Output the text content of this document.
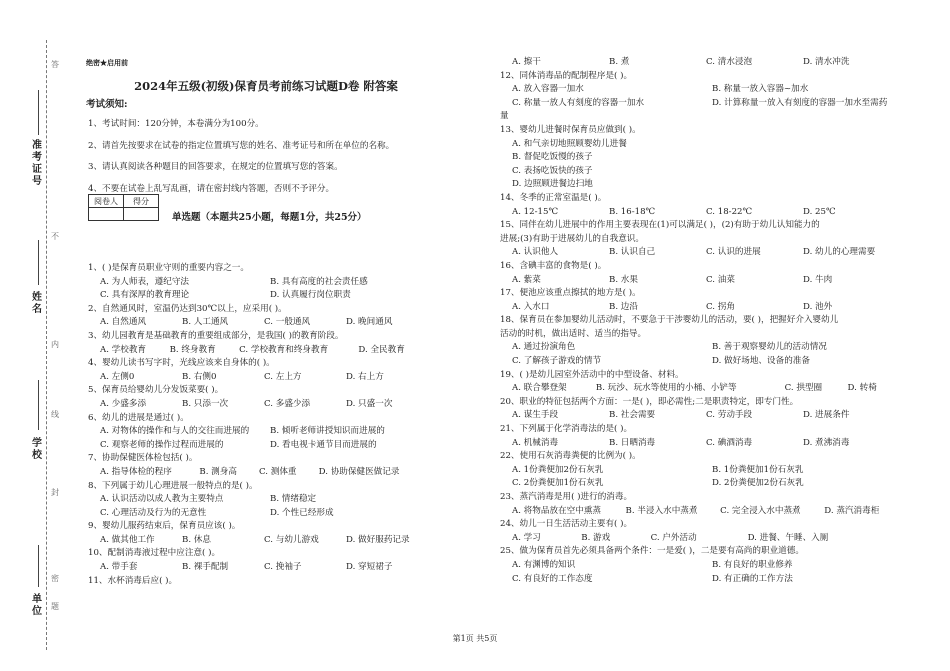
准考证号
姓名
学校
单位
答
不
内
线
封
密
题
绝密★启用前
2024年五级(初级)保育员考前练习试题D卷 附答案
考试须知:
1、考试时间：120分钟，本卷满分为100分。
2、请首先按要求在试卷的指定位置填写您的姓名、准考证号和所在单位的名称。
3、请认真阅读各种题目的回答要求，在规定的位置填写您的答案。
4、不要在试卷上乱写乱画，请在密封线内答题，否则不予评分。
阅卷人	得分

单选题（本题共25小题，每题1分，共25分）
1、( )是保育员职业守则的重要内容之一。
A. 为人师表，遵纪守法	B. 具有高度的社会责任感
C. 具有深厚的教育理论	D. 认真履行岗位职责
2、自然通风时，室温仍达到30℃以上，应采用( )。
A. 自然通风	B. 人工通风	C. 一般通风	D. 晚间通风
3、幼儿园教育是基础教育的重要组成部分，是我国( )的教育阶段。
A. 学校教育	B. 终身教育	C. 学校教育和终身教育	D. 全民教育
4、婴幼儿读书写字时，光线应该来自身体的( )。
A. 左侧0	B. 右侧0	C. 左上方	D. 右上方
5、保育员给婴幼儿分发饭菜要( )。
A. 少盛多添	B. 只添一次	C. 多盛少添	D. 只盛一次
6、幼儿的进展是通过( )。
A. 对物体的操作和与人的交往而进展的	B. 倾听老师讲授知识而进展的
C. 观察老师的操作过程而进展的	D. 看电视卡通节目而进展的
7、协助保健医体检包括( )。
A. 指导体检的程序	B. 测身高	C. 测体重	D. 协助保健医做记录
8、下列属于幼儿心理进展一般特点的是( )。
A. 认识活动以成人教为主要特点	B. 情绪稳定
C. 心理活动及行为的无意性	D. 个性已经形成
9、婴幼儿服药结束后，保育员应该( )。
A. 做其他工作	B. 休息	C. 与幼儿游戏	D. 做好服药记录
10、配制消毒液过程中应注意( )。
A. 带手套	B. 裸手配制	C. 挽袖子	D. 穿短裙子
11、水杯消毒后应( )。
A. 擦干	B. 煮	C. 清水浸泡	D. 清水冲洗
12、同体消毒品的配制程序是( )。
A. 放入容器一加水	B. 称量一放入容器~加水
C. 称量一放人有刻度的容器一加水	D. 计算称量一放入有刻度的容器一加水至需药
量
13、婴幼儿进餐时保育员应做到( )。
A. 和气亲切地照顾婴幼儿进餐
B. 督促吃饭慢的孩子
C. 表扬吃饭快的孩子
D. 边照顾进餐边扫地
14、冬季的正常室温是( )。
A. 12-15℃	B. 16-18℃	C. 18-22℃	D. 25℃
15、同伴在幼儿进展中的作用主要表现在(1)可以满足( )，(2)有助于幼儿认知能力的
进展;(3)有助于进展幼儿的自我意识。
A. 认识他人	B. 认识自己	C. 认识的进展	D. 幼儿的心理需要
16、含碘丰富的食物是( )。
A. 紫菜	B. 水果	C. 油菜	D. 牛肉
17、便池应该重点擦拭的地方是( )。
A. 入水口	B. 边沿	C. 拐角	D. 池外
18、保育员在参加婴幼儿活动时，不要急于干涉婴幼儿的活动，要( )，把握好介入婴幼儿
活动的时机，做出适时、适当的指导。
A. 通过扮演角色	B. 善于观察婴幼儿的活动情况
C. 了解孩子游戏的情节	D. 做好场地、设备的准备
19、( )是幼儿园室外活动中的中型设备、材料。
A. 联合攀登架	B. 玩沙、玩水等使用的小桶、小铲等	C. 拱型圈	D. 转椅
20、职业的特征包括两个方面：一是( )，即必需性;二是职责特定，即专门性。
A. 谋生手段	B. 社会需要	C. 劳动手段	D. 进展条件
21、下列属于化学消毒法的是( )。
A. 机械消毒	B. 日晒消毒	C. 碘酒消毒	D. 煮沸消毒
22、使用石灰消毒粪便的比例为( )。
A. 1份粪便加2份石灰乳	B. 1份粪便加1份石灰乳
C. 2份粪便加1份石灰乳	D. 2份粪便加2份石灰乳
23、蒸汽消毒是用( )进行的消毒。
A. 将物品放在空中熏蒸	B. 半浸入水中蒸煮	C. 完全浸入水中蒸煮	D. 蒸汽消毒柜
24、幼儿一日生活活动主要有( )。
A. 学习	B. 游戏	C. 户外活动	D. 进餐、午睡、入厕
25、做为保育员首先必须具备两个条件：一是爱( )，二是要有高尚的职业道德。
A. 有渊博的知识	B. 有良好的职业修养
C. 有良好的工作态度	D. 有正确的工作方法
第1页 共5页
